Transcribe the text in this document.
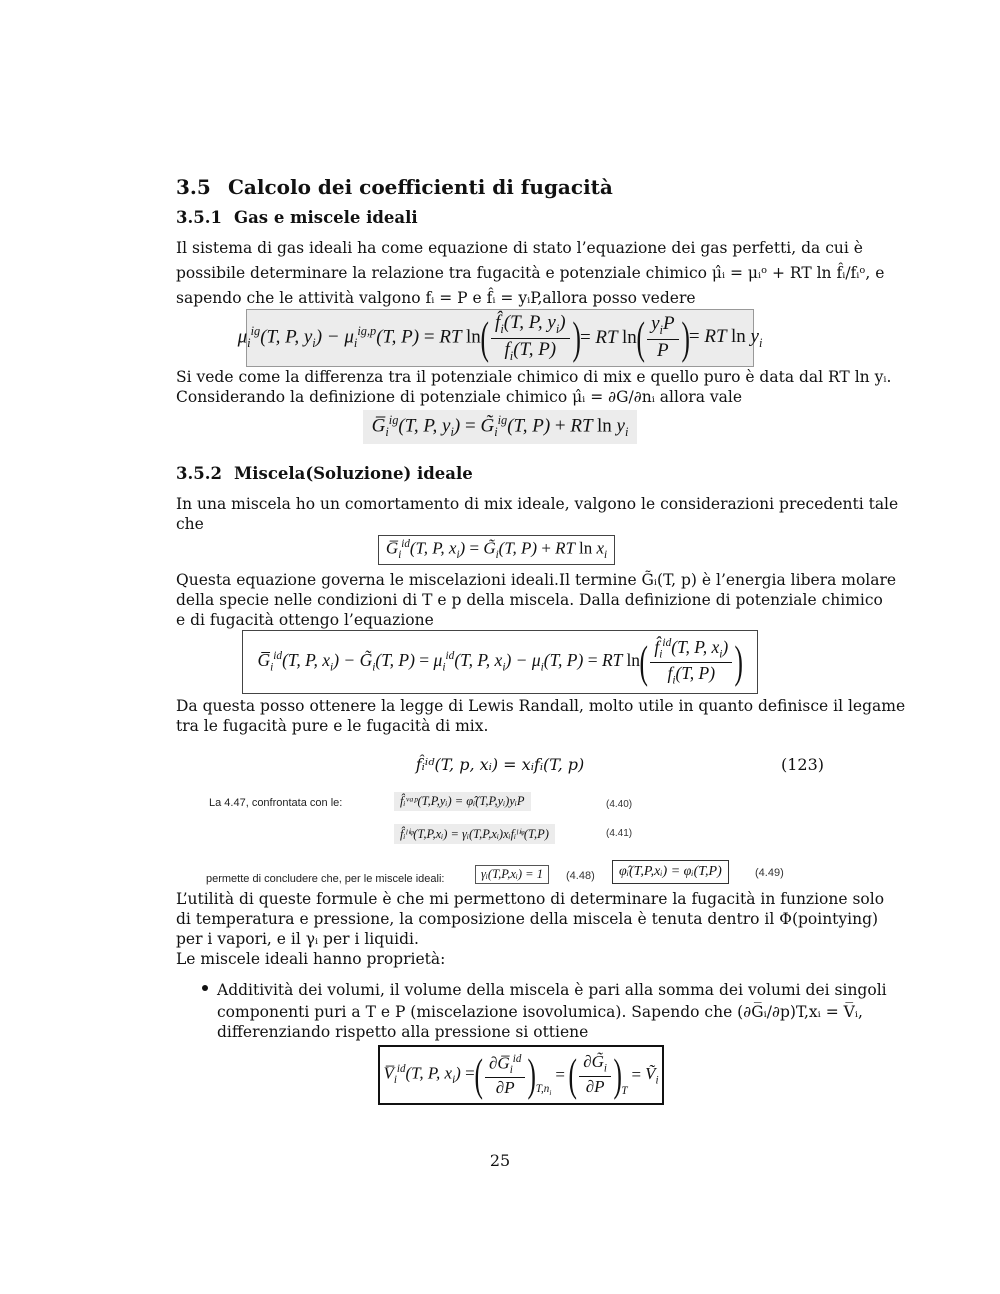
3.5 Calcolo dei coefficienti di fugacità
3.5.1 Gas e miscele ideali
Il sistema di gas ideali ha come equazione di stato l’equazione dei gas perfetti, da cui è
possibile determinare la relazione tra fugacità e potenziale chimico μ̂ᵢ = μᵢᵒ + RT ln f̂ᵢ/fᵢᵒ, e
sapendo che le attività valgono fᵢ = P e f̂ᵢ = yᵢP,allora posso vedere
$\mu_i^{ig}(T$, P, $y_i) - \mu_i^{ig,p}(T$, P) = RT ln ( $\frac{f̂_i(T, P, y_i)}{f_i(T, P)}$ ) = RT ln ( $\frac{y_iP}{P}$ ) = RT $\ln y_i$
Si vede come la differenza tra il potenziale chimico di mix e quello puro è data dal RT ln yᵢ.
Considerando la definizione di potenziale chimico μ̂ᵢ = ∂G/∂nᵢ allora vale
$G̅_i^{ig}(T$, P, $y_i$) = $G̃_i^{ig}(T$, P) + RT $\ln y_i$
3.5.2 Miscela(Soluzione) ideale
In una miscela ho un comortamento di mix ideale, valgono le considerazioni precedenti tale
che
$G̅_i^{id}(T$, P, $x_i$) = $G̃_i(T$, P) + RT $\ln x_i$
Questa equazione governa le miscelazioni ideali.Il termine G̃ᵢ(T, p) è l’energia libera molare
della specie nelle condizioni di T e p della miscela. Dalla definizione di potenziale chimico
e di fugacità ottengo l’equazione
$G̅_i^{id}(T$, P, $x_i$) − $G̃_i(T$, $P) = \mu_i^{id}(T$, P, $x_i) - \mu_i(T$, P) = RT ln ( $\frac{f̂_i^{id}(T, P, x_i)}{f_i(T, P)}$ )
Da questa posso ottenere la legge di Lewis Randall, molto utile in quanto definisce il legame
tra le fugacità pure e le fugacità di mix.
f̂ᵢⁱᵈ(T, p, xᵢ) = xᵢfᵢ(T, p)	(123)
La 4.47, confrontata con le:	f̂ᵢᵛᵃᵖ(T,P,yᵢ) = φ̂ᵢ(T,P,yᵢ)yᵢP	(4.40)
f̂ᵢˡⁱᵠ(T,P,xᵢ) = γᵢ(T,P,xᵢ)xᵢfᵢˡⁱᵠ(T,P)	(4.41)
permette di concludere che, per le miscele ideali:	γᵢ(T,P,xᵢ) = 1	(4.48)	φ̂ᵢ(T,P,xᵢ) = φᵢ(T,P)	(4.49)
L’utilità di queste formule è che mi permettono di determinare la fugacità in funzione solo
di temperatura e pressione, la composizione della miscela è tenuta dentro il Φ(pointying)
per i vapori, e il γᵢ per i liquidi.
Le miscele ideali hanno proprietà:
Additività dei volumi, il volume della miscela è pari alla somma dei volumi dei singoli
componenti puri a T e P (miscelazione isovolumica). Sapendo che (∂G̅ᵢ/∂p)T,xᵢ = V̅ᵢ,
differenziando rispetto alla pressione si ottiene
$V̅_i^{id}(T$, P, $x_i$) = ( $\frac{\partial G̅_i^{id}}{\partial P} )_{T,n_i}$
= ( $\frac{\partial G̃_i}{\partial P} )_T$
= Ṽ$_i$
25
